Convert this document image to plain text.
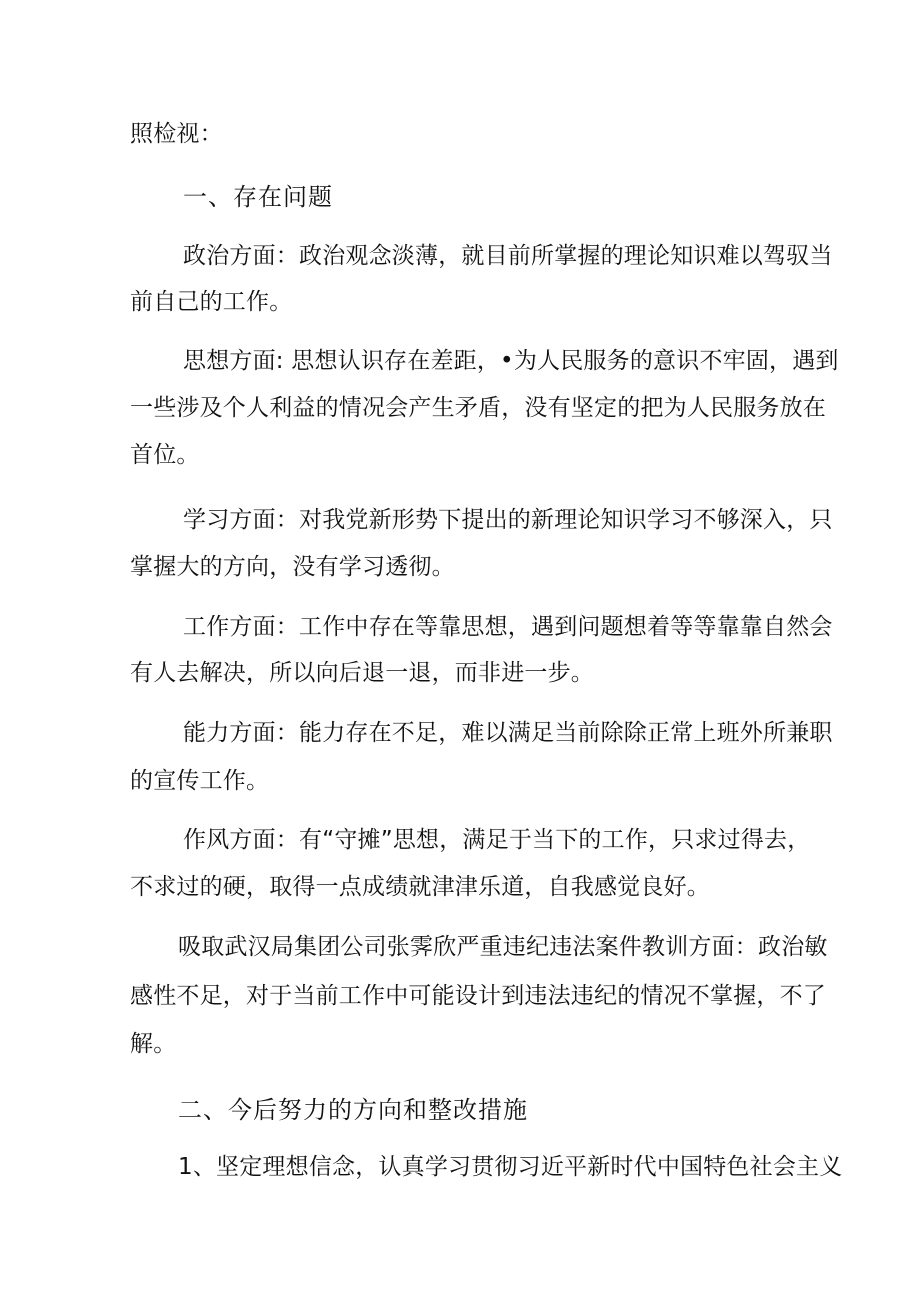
照检视：
一、存在问题
政治方面：政治观念淡薄，就目前所掌握的理论知识难以驾驭当
前自己的工作。
思想方面: 思想认识存在差距，•为人民服务的意识不牢固，遇到
一些涉及个人利益的情况会产生矛盾，没有坚定的把为人民服务放在
首位。
学习方面：对我党新形势下提出的新理论知识学习不够深入，只
掌握大的方向，没有学习透彻。
工作方面：工作中存在等靠思想，遇到问题想着等等靠靠自然会
有人去解决，所以向后退一退，而非进一步。
能力方面：能力存在不足，难以满足当前除除正常上班外所兼职
的宣传工作。
作风方面：有“守摊”思想，满足于当下的工作，只求过得去，
不求过的硬，取得一点成绩就津津乐道，自我感觉良好。
吸取武汉局集团公司张霁欣严重违纪违法案件教训方面：政治敏
感性不足，对于当前工作中可能设计到违法违纪的情况不掌握，不了
解。
二、今后努力的方向和整改措施
1、坚定理想信念，认真学习贯彻习近平新时代中国特色社会主义
